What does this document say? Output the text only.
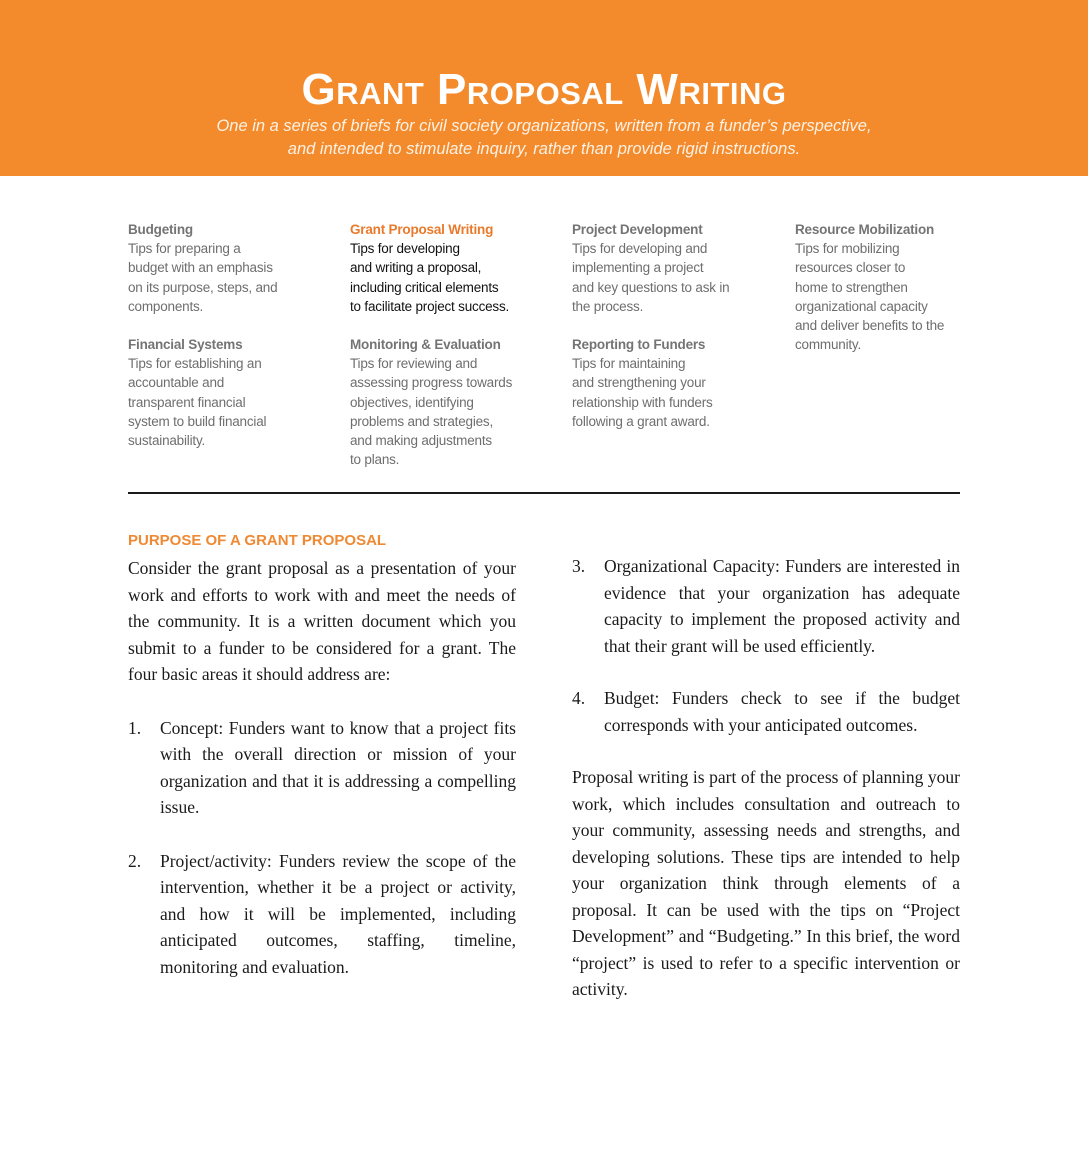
Grant Proposal Writing
One in a series of briefs for civil society organizations, written from a funder’s perspective,
and intended to stimulate inquiry, rather than provide rigid instructions.
Budgeting
Tips for preparing a
budget with an emphasis
on its purpose, steps, and
components.
Financial Systems
Tips for establishing an
accountable and
transparent financial
system to build financial
sustainability.
Grant Proposal Writing
Tips for developing
and writing a proposal,
including critical elements
to facilitate project success.
Monitoring & Evaluation
Tips for reviewing and
assessing progress towards
objectives, identifying
problems and strategies,
and making adjustments
to plans.
Project Development
Tips for developing and
implementing a project
and key questions to ask in
the process.
Reporting to Funders
Tips for maintaining
and strengthening your
relationship with funders
following a grant award.
Resource Mobilization
Tips for mobilizing
resources closer to
home to strengthen
organizational capacity
and deliver benefits to the
community.
PURPOSE OF A GRANT PROPOSAL

Consider the grant proposal as a presentation of your work and efforts to work with and meet the needs of the community. It is a written document which you submit to a funder to be considered for a grant. The four basic areas it should address are:

1. Concept: Funders want to know that a project fits with the overall direction or mission of your organization and that it is addressing a compelling issue.

2. Project/activity: Funders review the scope of the intervention, whether it be a project or activity, and how it will be implemented, including anticipated outcomes, staffing, timeline, monitoring and evaluation.

3. Organizational Capacity: Funders are interested in evidence that your organization has adequate capacity to implement the proposed activity and that their grant will be used efficiently.

4. Budget: Funders check to see if the budget corresponds with your anticipated outcomes.

Proposal writing is part of the process of planning your work, which includes consultation and outreach to your community, assessing needs and strengths, and developing solutions. These tips are intended to help your organization think through elements of a proposal. It can be used with the tips on “Project Development” and “Budgeting.” In this brief, the word “project” is used to refer to a specific intervention or activity.
